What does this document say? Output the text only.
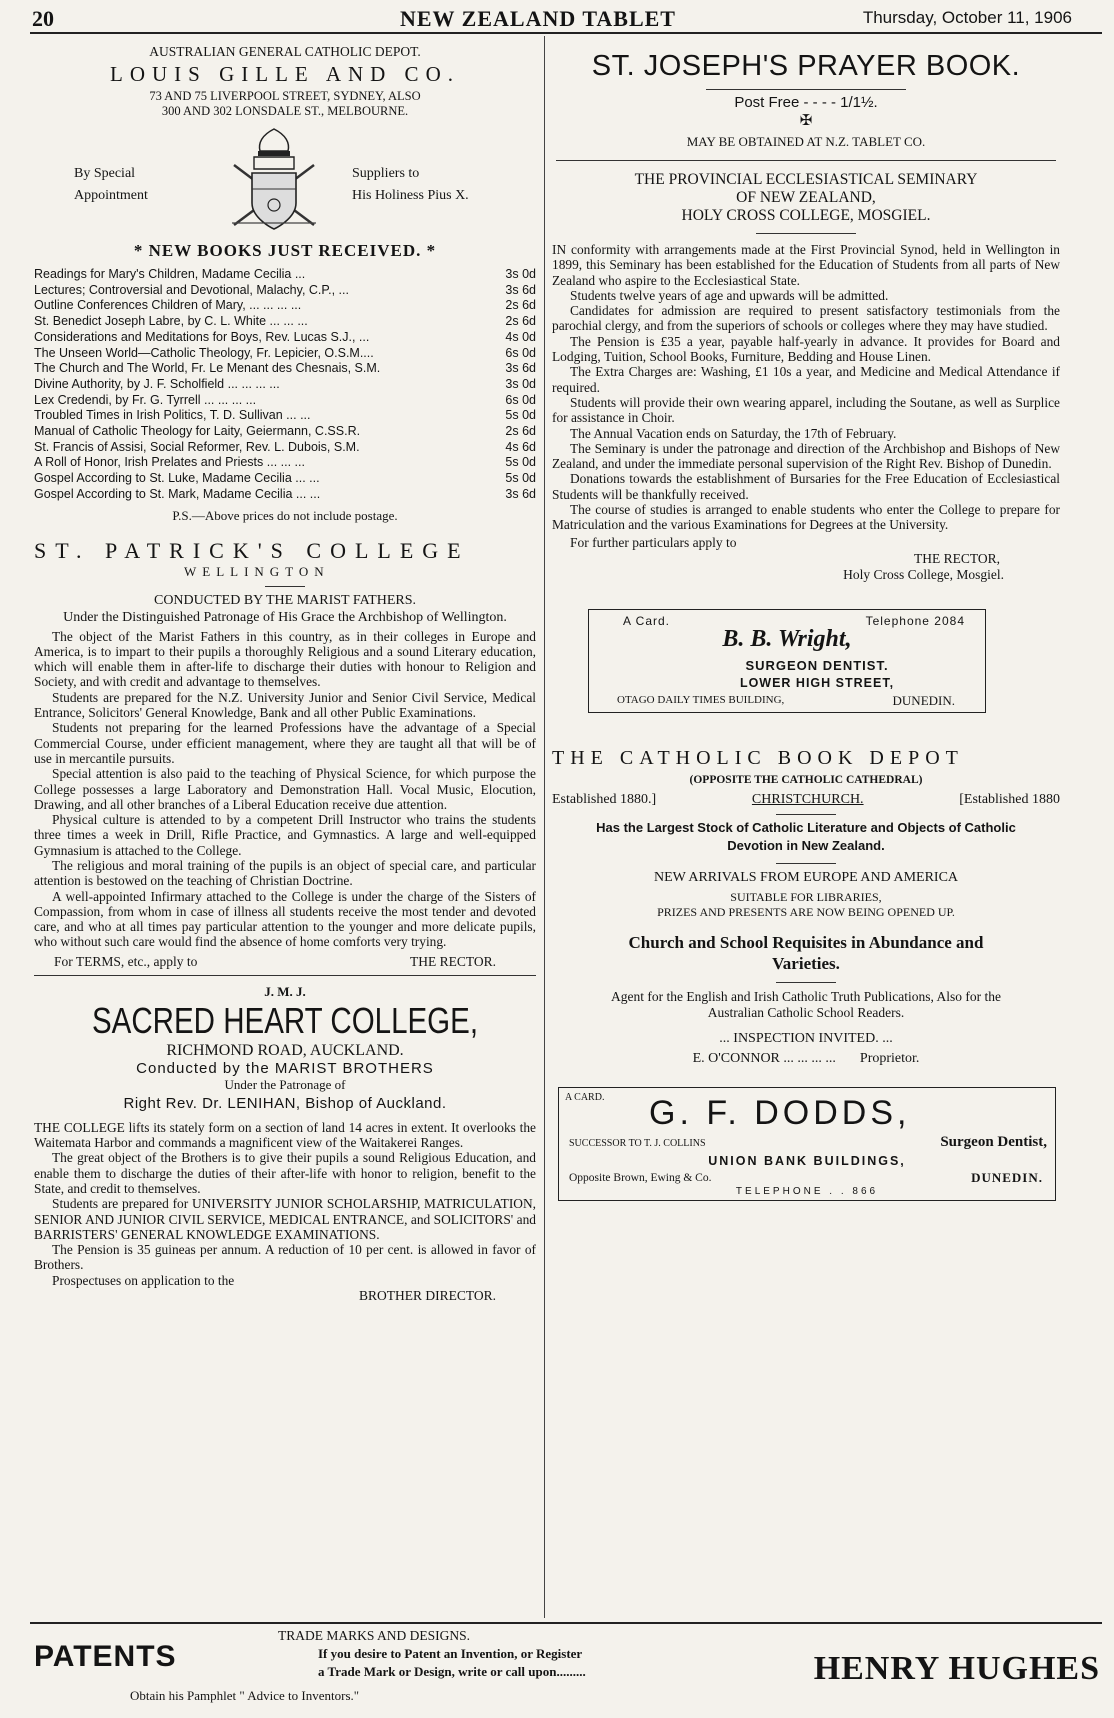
20	NEW ZEALAND TABLET	Thursday, October 11, 1906

AUSTRALIAN GENERAL CATHOLIC DEPOT.

LOUIS GILLE AND CO.

73 AND 75 LIVERPOOL STREET, SYDNEY, ALSO

300 AND 302 LONSDALE ST., MELBOURNE.

By Special
Appointment
Suppliers to
His Holiness Pius X.

* NEW BOOKS JUST RECEIVED. *

Readings for Mary's Children, Madame Cecilia ...	3s 0d
Lectures; Controversial and Devotional, Malachy, C.P., ...	3s 6d
Outline Conferences Children of Mary, ... ... ... ...	2s 6d
St. Benedict Joseph Labre, by C. L. White ... ... ...	2s 6d
Considerations and Meditations for Boys, Rev. Lucas S.J., ...	4s 0d
The Unseen World—Catholic Theology, Fr. Lepicier, O.S.M....	6s 0d
The Church and The World, Fr. Le Menant des Chesnais, S.M.	3s 6d
Divine Authority, by J. F. Scholfield ... ... ... ...	3s 0d
Lex Credendi, by Fr. G. Tyrrell ... ... ... ...	6s 0d
Troubled Times in Irish Politics, T. D. Sullivan ... ...	5s 0d
Manual of Catholic Theology for Laity, Geiermann, C.SS.R.	2s 6d
St. Francis of Assisi, Social Reformer, Rev. L. Dubois, S.M.	4s 6d
A Roll of Honor, Irish Prelates and Priests ... ... ...	5s 0d
Gospel According to St. Luke, Madame Cecilia ... ...	5s 0d
Gospel According to St. Mark, Madame Cecilia ... ...	3s 6d

P.S.—Above prices do not include postage.

ST. PATRICK'S COLLEGE

WELLINGTON

CONDUCTED BY THE MARIST FATHERS.

Under the Distinguished Patronage of His Grace the Archbishop of Wellington.

The object of the Marist Fathers in this country, as in their colleges in Europe and America, is to impart to their pupils a thoroughly Religious and a sound Literary education, which will enable them in after-life to discharge their duties with honour to Religion and Society, and with credit and advantage to themselves.

Students are prepared for the N.Z. University Junior and Senior Civil Service, Medical Entrance, Solicitors' General Knowledge, Bank and all other Public Examinations.

Students not preparing for the learned Professions have the advantage of a Special Commercial Course, under efficient management, where they are taught all that will be of use in mercantile pursuits.

Special attention is also paid to the teaching of Physical Science, for which purpose the College possesses a large Laboratory and Demonstration Hall. Vocal Music, Elocution, Drawing, and all other branches of a Liberal Education receive due attention.

Physical culture is attended to by a competent Drill Instructor who trains the students three times a week in Drill, Rifle Practice, and Gymnastics. A large and well-equipped Gymnasium is attached to the College.

The religious and moral training of the pupils is an object of special care, and particular attention is bestowed on the teaching of Christian Doctrine.

A well-appointed Infirmary attached to the College is under the charge of the Sisters of Compassion, from whom in case of illness all students receive the most tender and devoted care, and who at all times pay particular attention to the younger and more delicate pupils, who without such care would find the absence of home comforts very trying.

For TERMS, etc., apply to	THE RECTOR.

J. M. J.

SACRED HEART COLLEGE,

RICHMOND ROAD, AUCKLAND.

Conducted by the MARIST BROTHERS

Under the Patronage of

Right Rev. Dr. LENIHAN, Bishop of Auckland.

THE COLLEGE lifts its stately form on a section of land 14 acres in extent. It overlooks the Waitemata Harbor and commands a magnificent view of the Waitakerei Ranges.

The great object of the Brothers is to give their pupils a sound Religious Education, and enable them to discharge the duties of their after-life with honor to religion, benefit to the State, and credit to themselves.

Students are prepared for UNIVERSITY JUNIOR SCHOLARSHIP, MATRICULATION, SENIOR AND JUNIOR CIVIL SERVICE, MEDICAL ENTRANCE, and SOLICITORS' and BARRISTERS' GENERAL KNOWLEDGE EXAMINATIONS.

The Pension is 35 guineas per annum. A reduction of 10 per cent. is allowed in favor of Brothers.

Prospectuses on application to the

BROTHER DIRECTOR.

ST. JOSEPH'S PRAYER BOOK.

Post Free - - - - 1/1½.

✠

MAY BE OBTAINED AT N.Z. TABLET CO.

THE PROVINCIAL ECCLESIASTICAL SEMINARY

OF NEW ZEALAND,

HOLY CROSS COLLEGE, MOSGIEL.

IN conformity with arrangements made at the First Provincial Synod, held in Wellington in 1899, this Seminary has been established for the Education of Students from all parts of New Zealand who aspire to the Ecclesiastical State.

Students twelve years of age and upwards will be admitted.

Candidates for admission are required to present satisfactory testimonials from the parochial clergy, and from the superiors of schools or colleges where they may have studied.

The Pension is £35 a year, payable half-yearly in advance. It provides for Board and Lodging, Tuition, School Books, Furniture, Bedding and House Linen.

The Extra Charges are: Washing, £1 10s a year, and Medicine and Medical Attendance if required.

Students will provide their own wearing apparel, including the Soutane, as well as Surplice for assistance in Choir.

The Annual Vacation ends on Saturday, the 17th of February.

The Seminary is under the patronage and direction of the Archbishop and Bishops of New Zealand, and under the immediate personal supervision of the Right Rev. Bishop of Dunedin.

Donations towards the establishment of Bursaries for the Free Education of Ecclesiastical Students will be thankfully received.

The course of studies is arranged to enable students who enter the College to prepare for Matriculation and the various Examinations for Degrees at the University.

For further particulars apply to

THE RECTOR,

Holy Cross College, Mosgiel.

A Card.	Telephone 2084

B. B. Wright,

SURGEON DENTIST.

LOWER HIGH STREET,

OTAGO DAILY TIMES BUILDING,	DUNEDIN.

THE CATHOLIC BOOK DEPOT

(OPPOSITE THE CATHOLIC CATHEDRAL)

Established 1880.]	CHRISTCHURCH.	[Established 1880

Has the Largest Stock of Catholic Literature and Objects of Catholic Devotion in New Zealand.

NEW ARRIVALS FROM EUROPE AND AMERICA

SUITABLE FOR LIBRARIES,

PRIZES AND PRESENTS ARE NOW BEING OPENED UP.

Church and School Requisites in Abundance and Varieties.

Agent for the English and Irish Catholic Truth Publications, Also for the Australian Catholic School Readers.

... INSPECTION INVITED. ...

E. O'CONNOR ... ... ... ... Proprietor.
A CARD. G. F. DODDS,

SUCCESSOR TO T. J. COLLINS	Surgeon Dentist,

UNION BANK BUILDINGS,

Opposite Brown, Ewing & Co.	DUNEDIN.

TELEPHONE . . 866

PATENTS

Obtain his Pamphlet " Advice to Inventors."

TRADE MARKS AND DESIGNS.

If you desire to Patent an Invention, or Register

a Trade Mark or Design, write or call upon.........	HENRY HUGHES
